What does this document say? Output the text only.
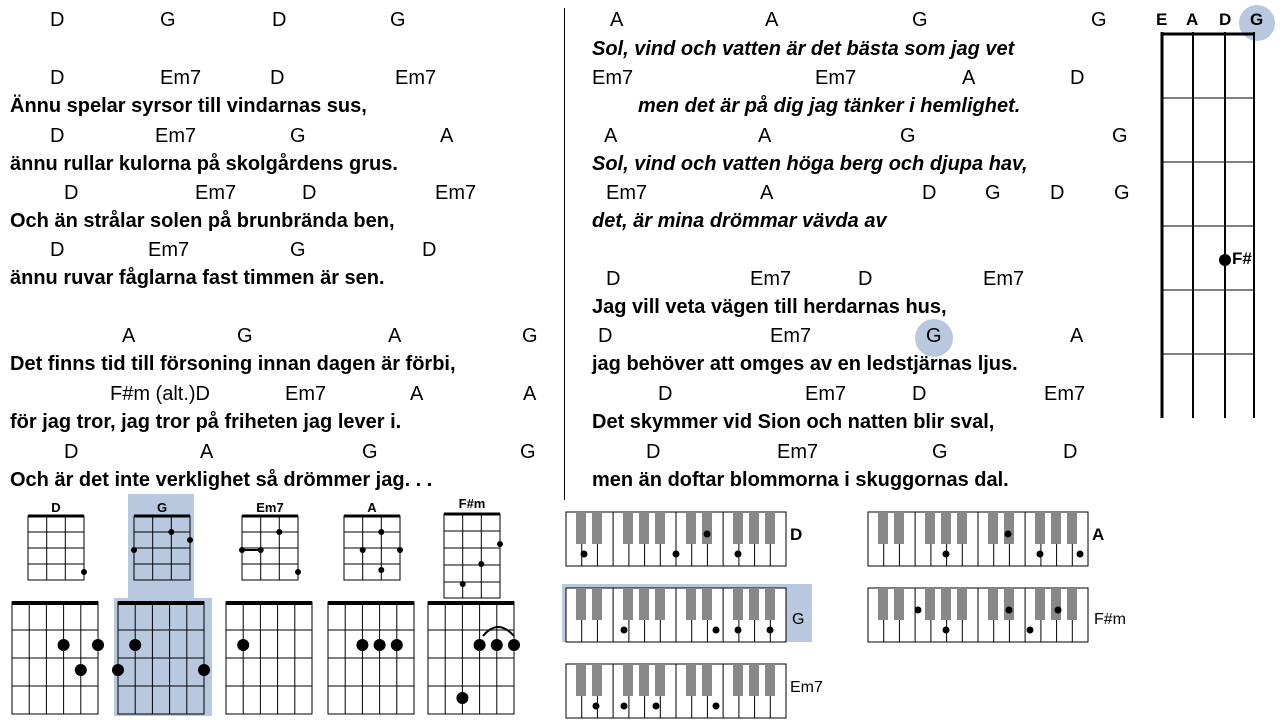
D	G	D	G
D	Em7	D	Em7
Ännu spelar syrsor till vindarnas sus,
D	Em7	G	A
ännu rullar kulorna på skolgårdens grus.
D	Em7	D	Em7
Och än strålar solen på brunbrända ben,
D	Em7	G	D
ännu ruvar fåglarna fast timmen är sen.
A	G	A	G
Det finns tid till försoning innan dagen är förbi,
F#m (alt.)D	Em7	A	A
för jag tror, jag tror på friheten jag lever i.
D	A	G	G
Och är det inte verklighet så drömmer jag. . .
A	A	G	G
Sol, vind och vatten är det bästa som jag vet
Em7	Em7	A	D
men det är på dig jag tänker i hemlighet.
A	A	G	G
Sol, vind och vatten höga berg och djupa hav,
Em7	A	D G D G
det, är mina drömmar vävda av
D	Em7	D	Em7
Jag vill veta vägen till herdarnas hus,
D	Em7	G	A
jag behöver att omges av en ledstjärnas ljus.
D	Em7	D	Em7
Det skymmer vid Sion och natten blir sval,
D	Em7	G	D
men än doftar blommorna i skuggornas dal.
E A D G
F#
D	G	Em7	A	F#m
D
G
Em7
A
F#m
